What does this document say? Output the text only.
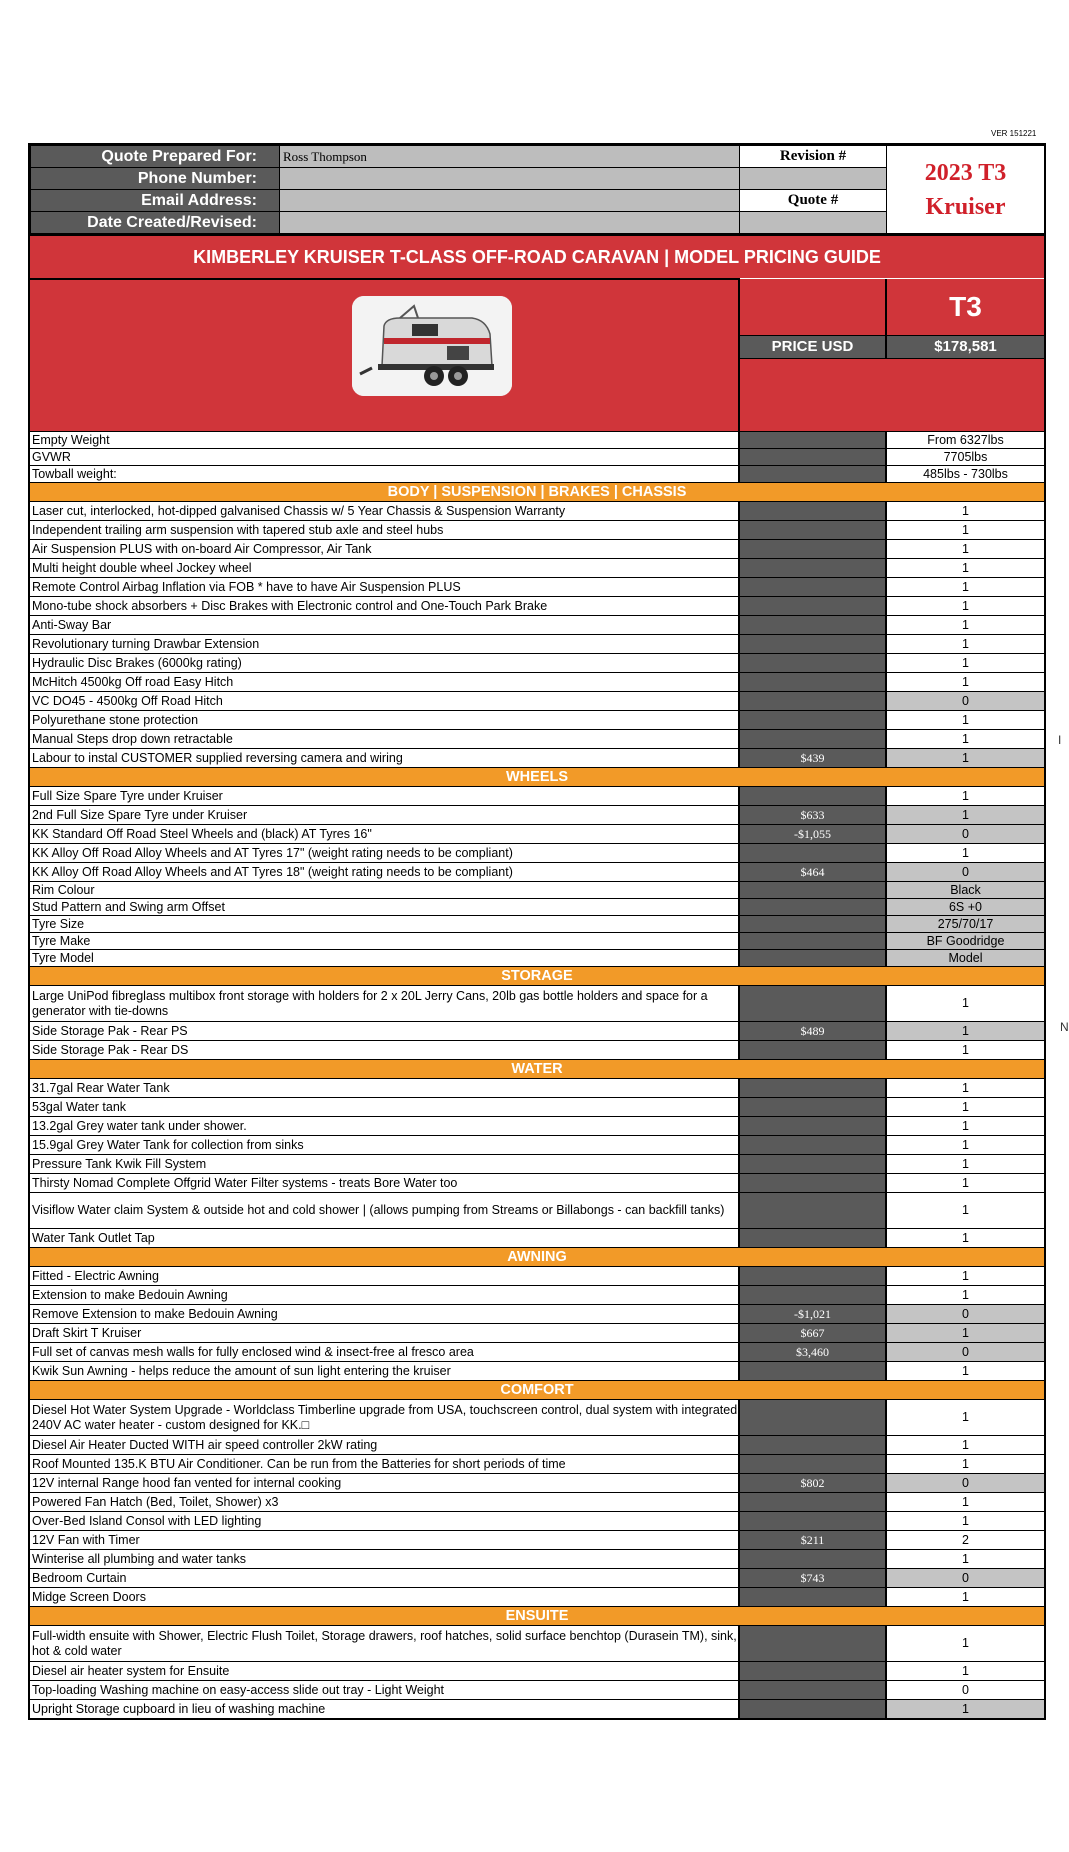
VER 151221
Quote Prepared For:	Ross Thompson	Revision #	2023 T3
Kruiser

Phone Number:			
Email Address:		Quote #	
Date Created/Revised:			
KIMBERLEY KRUISER T-CLASS OFF-ROAD CARAVAN | MODEL PRICING GUIDE
		T3
	PRICE USD	$178,581

Empty Weight		From 6327lbs
GVWR		7705lbs
Towball weight:		485lbs - 730lbs
BODY | SUSPENSION | BRAKES | CHASSIS		
Laser cut, interlocked, hot-dipped galvanised Chassis w/ 5 Year Chassis & Suspension Warranty		1
Independent trailing arm suspension with tapered stub axle and steel hubs		1
Air Suspension PLUS with on-board Air Compressor, Air Tank		1
Multi height double wheel Jockey wheel		1
Remote Control Airbag Inflation via FOB * have to have Air Suspension PLUS		1
Mono-tube shock absorbers + Disc Brakes with Electronic control and One-Touch Park Brake		1
Anti-Sway Bar		1
Revolutionary turning Drawbar Extension		1
Hydraulic Disc Brakes (6000kg rating)		1
McHitch 4500kg Off road Easy Hitch		1
VC DO45 - 4500kg Off Road Hitch		0
Polyurethane stone protection		1
Manual Steps drop down retractable		1
Labour to instal CUSTOMER supplied reversing camera and wiring	$439	1
WHEELS		
Full Size Spare Tyre under Kruiser		1
2nd Full Size Spare Tyre under Kruiser	$633	1
KK Standard Off Road Steel Wheels and (black) AT Tyres 16"	-$1,055	0
KK Alloy Off Road Alloy Wheels and AT Tyres 17" (weight rating needs to be compliant)		1
KK Alloy Off Road Alloy Wheels and AT Tyres 18" (weight rating needs to be compliant)	$464	0
Rim Colour		Black
Stud Pattern and Swing arm Offset		6S +0
Tyre Size		275/70/17
Tyre Make		BF Goodridge
Tyre Model		Model
STORAGE		
Large UniPod fibreglass multibox front storage with holders for 2 x 20L Jerry Cans, 20lb gas bottle holders and space for a generator with tie-downs		1
Side Storage Pak - Rear PS	$489	1
Side Storage Pak - Rear DS		1
WATER		
31.7gal Rear Water Tank		1
53gal Water tank		1
13.2gal Grey water tank under shower.		1
15.9gal Grey Water Tank for collection from sinks		1
Pressure Tank Kwik Fill System		1
Thirsty Nomad Complete Offgrid Water Filter systems - treats Bore Water too		1
Visiflow Water claim System & outside hot and cold shower | (allows pumping from Streams or Billabongs - can backfill tanks)		1
Water Tank Outlet Tap		1
AWNING		
Fitted - Electric Awning		1
Extension to make Bedouin Awning		1
Remove Extension to make Bedouin Awning	-$1,021	0
Draft Skirt T Kruiser	$667	1
Full set of canvas mesh walls for fully enclosed wind & insect-free al fresco area	$3,460	0
Kwik Sun Awning - helps reduce the amount of sun light entering the kruiser		1
COMFORT		
Diesel Hot Water System Upgrade - Worldclass Timberline upgrade from USA, touchscreen control, dual system with integrated 240V AC water heater - custom designed for KK.□		1
Diesel Air Heater Ducted WITH air speed controller 2kW rating		1
Roof Mounted 135.K BTU Air Conditioner. Can be run from the Batteries for short periods of time		1
12V internal Range hood fan vented for internal cooking	$802	0
Powered Fan Hatch (Bed, Toilet, Shower) x3		1
Over-Bed Island Consol with LED lighting		1
12V Fan with Timer	$211	2
Winterise all plumbing and water tanks		1
Bedroom Curtain	$743	0
Midge Screen Doors		1
ENSUITE		
Full-width ensuite with Shower, Electric Flush Toilet, Storage drawers, roof hatches, solid surface benchtop (Durasein TM), sink, hot & cold water		1
Diesel air heater system for Ensuite		1
Top-loading Washing machine on easy-access slide out tray - Light Weight		0
Upright Storage cupboard in lieu of washing machine		1
I
N
